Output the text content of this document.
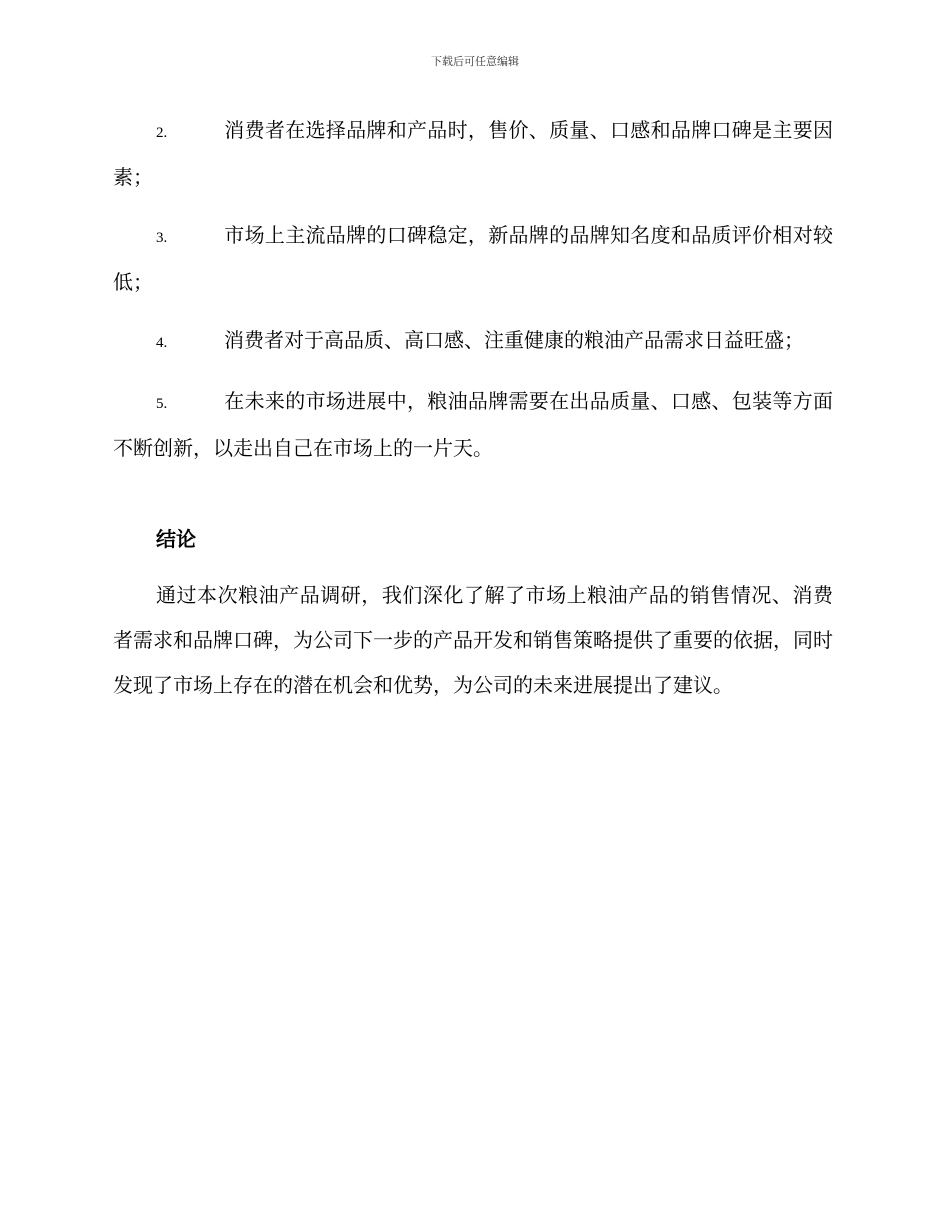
下载后可任意编辑
2.	消费者在选择品牌和产品时，售价、质量、口感和品牌口碑是主要因素；
3.	市场上主流品牌的口碑稳定，新品牌的品牌知名度和品质评价相对较低；
4.	消费者对于高品质、高口感、注重健康的粮油产品需求日益旺盛；
5.	在未来的市场进展中，粮油品牌需要在出品质量、口感、包装等方面不断创新，以走出自己在市场上的一片天。
结论
通过本次粮油产品调研，我们深化了解了市场上粮油产品的销售情况、消费者需求和品牌口碑，为公司下一步的产品开发和销售策略提供了重要的依据，同时发现了市场上存在的潜在机会和优势，为公司的未来进展提出了建议。
